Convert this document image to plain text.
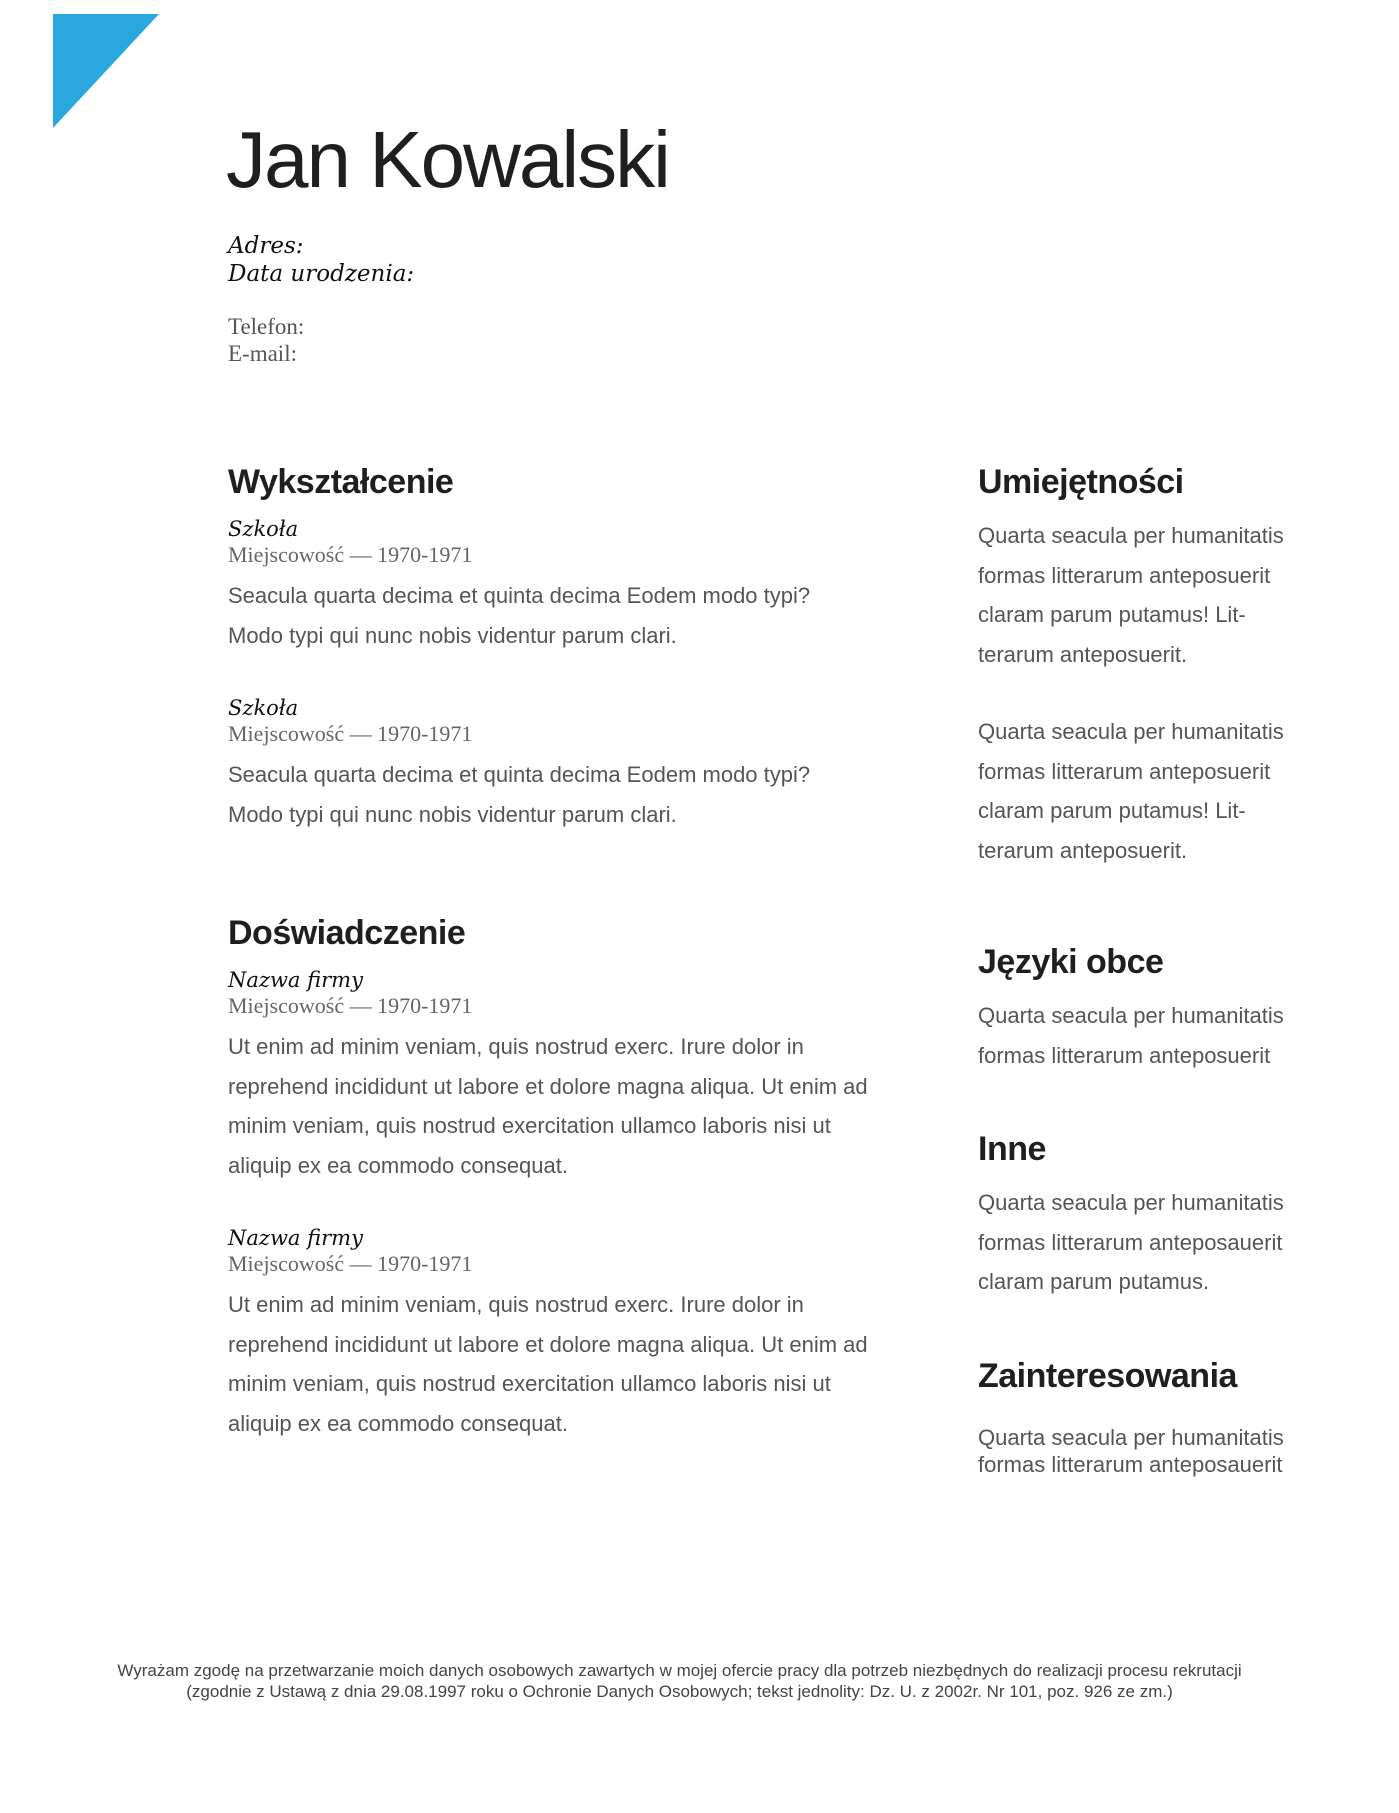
Jan Kowalski
Adres:
Data urodzenia:
Telefon:
E-mail:
Wykształcenie
Szkoła
Miejscowość — 1970-1971
Seacula quarta decima et quinta decima Eodem modo typi?
Modo typi qui nunc nobis videntur parum clari.
Szkoła
Miejscowość — 1970-1971
Seacula quarta decima et quinta decima Eodem modo typi?
Modo typi qui nunc nobis videntur parum clari.
Doświadczenie
Nazwa firmy
Miejscowość — 1970-1971
Ut enim ad minim veniam, quis nostrud exerc. Irure dolor in
reprehend incididunt ut labore et dolore magna aliqua. Ut enim ad
minim veniam, quis nostrud exercitation ullamco laboris nisi ut
aliquip ex ea commodo consequat.
Nazwa firmy
Miejscowość — 1970-1971
Ut enim ad minim veniam, quis nostrud exerc. Irure dolor in
reprehend incididunt ut labore et dolore magna aliqua. Ut enim ad
minim veniam, quis nostrud exercitation ullamco laboris nisi ut
aliquip ex ea commodo consequat.
Umiejętności
Quarta seacula per humanitatis
formas litterarum anteposuerit
claram parum putamus! Lit-
terarum anteposuerit.
Quarta seacula per humanitatis
formas litterarum anteposuerit
claram parum putamus! Lit-
terarum anteposuerit.
Języki obce
Quarta seacula per humanitatis
formas litterarum anteposuerit
Inne
Quarta seacula per humanitatis
formas litterarum anteposauerit
claram parum putamus.
Zainteresowania
Quarta seacula per humanitatis
formas litterarum anteposauerit
Wyrażam zgodę na przetwarzanie moich danych osobowych zawartych w mojej ofercie pracy dla potrzeb niezbędnych do realizacji procesu rekrutacji
(zgodnie z Ustawą z dnia 29.08.1997 roku o Ochronie Danych Osobowych; tekst jednolity: Dz. U. z 2002r. Nr 101, poz. 926 ze zm.)
